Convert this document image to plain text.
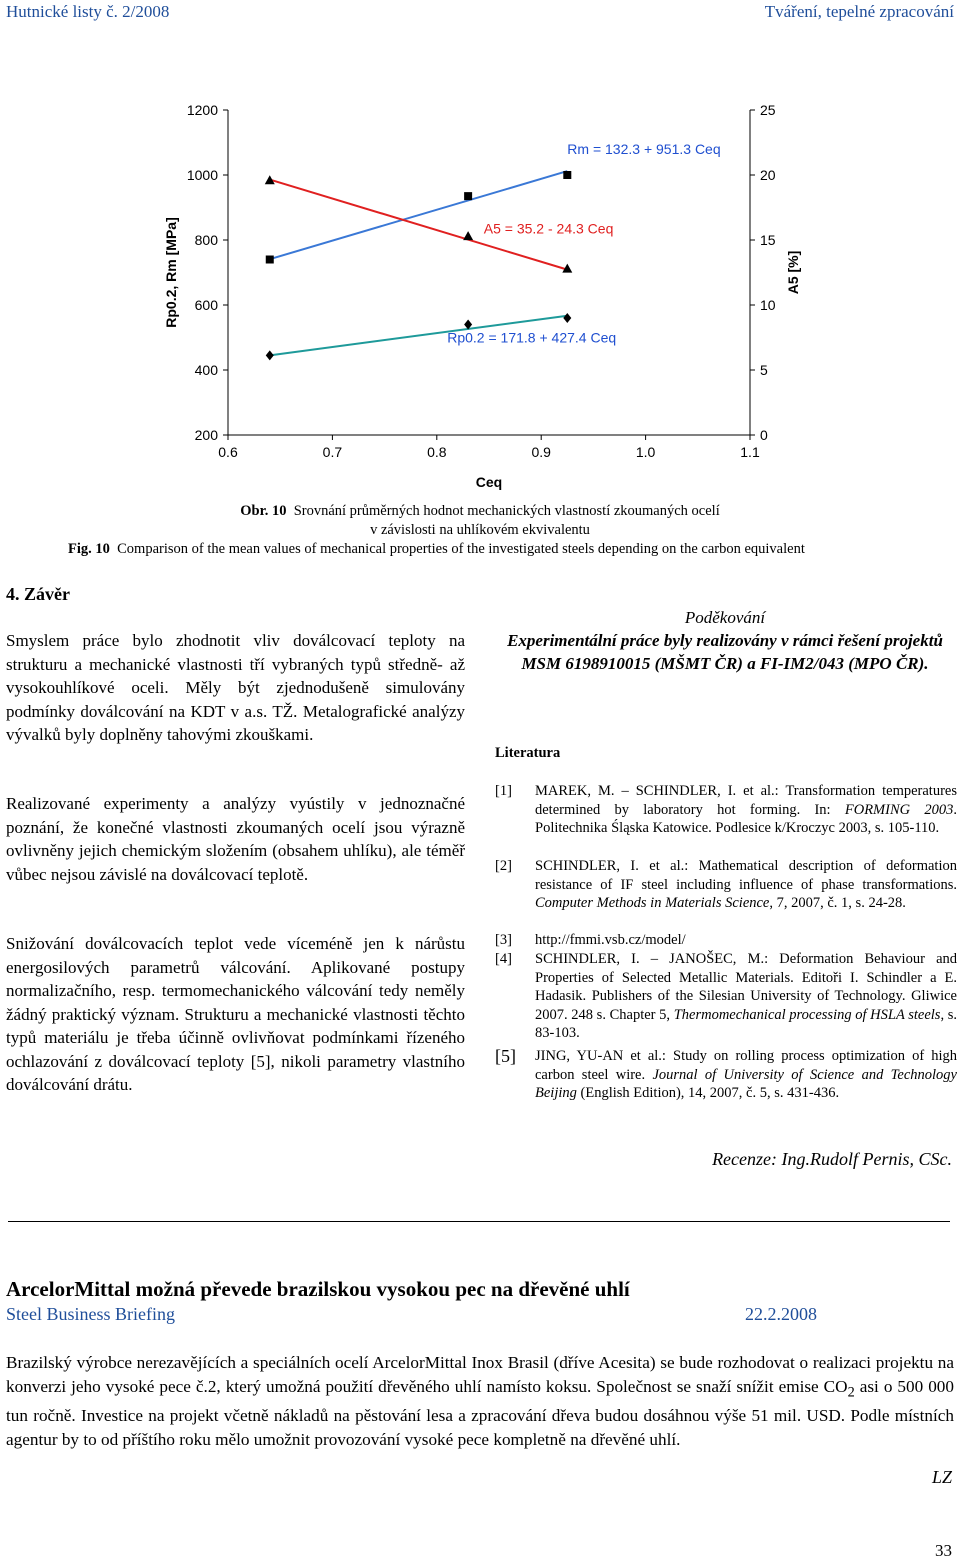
Hutnické listy č. 2/2008	Tváření, tepelné zpracování
200
400
600
800
1000
1200
0
5
10
15
20
25
0.6	0.7	0.8	0.9	1.0	1.1
Ceq
Rp0.2, Rm [MPa]	A5 [%]
Rm = 132.3 + 951.3 Ceq
A5 = 35.2 - 24.3 Ceq
Rp0.2 = 171.8 + 427.4 Ceq
Obr. 10 Srovnání průměrných hodnot mechanických vlastností zkoumaných ocelí
v závislosti na uhlíkovém ekvivalentu
Fig. 10 Comparison of the mean values of mechanical properties of the investigated steels depending on the carbon equivalent
4. Závěr
Smyslem práce bylo zhodnotit vliv doválcovací teploty na strukturu a mechanické vlastnosti tří vybraných typů středně- až vysokouhlíkové oceli. Měly být zjednodušeně simulovány podmínky doválcování na KDT v a.s. TŽ. Metalografické analýzy vývalků byly doplněny tahovými zkouškami.
Realizované experimenty a analýzy vyústily v jednoznačné poznání, že konečné vlastnosti zkoumaných ocelí jsou výrazně ovlivněny jejich chemickým složením (obsahem uhlíku), ale téměř vůbec nejsou závislé na doválcovací teplotě.
Snižování doválcovacích teplot vede víceméně jen k nárůstu energosilových parametrů válcování. Aplikované postupy normalizačního, resp. termomechanického válcování tedy neměly žádný praktický význam. Strukturu a mechanické vlastnosti těchto typů materiálu je třeba účinně ovlivňovat podmínkami řízeného ochlazování z doválcovací teploty [5], nikoli parametry vlastního doválcování drátu.
Poděkování
Experimentální práce byly realizovány v rámci řešení projektů MSM 6198910015 (MŠMT ČR) a FI-IM2/043 (MPO ČR).
Literatura
[1] MAREK, M. – SCHINDLER, I. et al.: Transformation temperatures determined by laboratory hot forming. In: FORMING 2003. Politechnika Śląska Katowice. Podlesice k/Kroczyc 2003, s. 105-110.
[2] SCHINDLER, I. et al.: Mathematical description of deformation resistance of IF steel including influence of phase transformations. Computer Methods in Materials Science, 7, 2007, č. 1, s. 24-28.
[3] http://fmmi.vsb.cz/model/
[4] SCHINDLER, I. – JANOŠEC, M.: Deformation Behaviour and Properties of Selected Metallic Materials. Editoři I. Schindler a E. Hadasik. Publishers of the Silesian University of Technology. Gliwice 2007. 248 s. Chapter 5, Thermomechanical processing of HSLA steels, s. 83-103.
[5] JING, YU-AN et al.: Study on rolling process optimization of high carbon steel wire. Journal of University of Science and Technology Beijing (English Edition), 14, 2007, č. 5, s. 431-436.
Recenze: Ing.Rudolf Pernis, CSc.
ArcelorMittal možná převede brazilskou vysokou pec na dřevěné uhlí
Steel Business Briefing	22.2.2008
Brazilský výrobce nerezavějících a speciálních ocelí ArcelorMittal Inox Brasil (dříve Acesita) se bude rozhodovat o realizaci projektu na konverzi jeho vysoké pece č.2, který umožná použití dřevěného uhlí namísto koksu. Společnost se snaží snížit emise $CO_2$ asi o 500 000 tun ročně. Investice na projekt včetně nákladů na pěstování lesa a zpracování dřeva budou dosáhnou výše 51 mil. USD. Podle místních agentur by to od příštího roku mělo umožnit provozování vysoké pece kompletně na dřevěné uhlí.
LZ
33
